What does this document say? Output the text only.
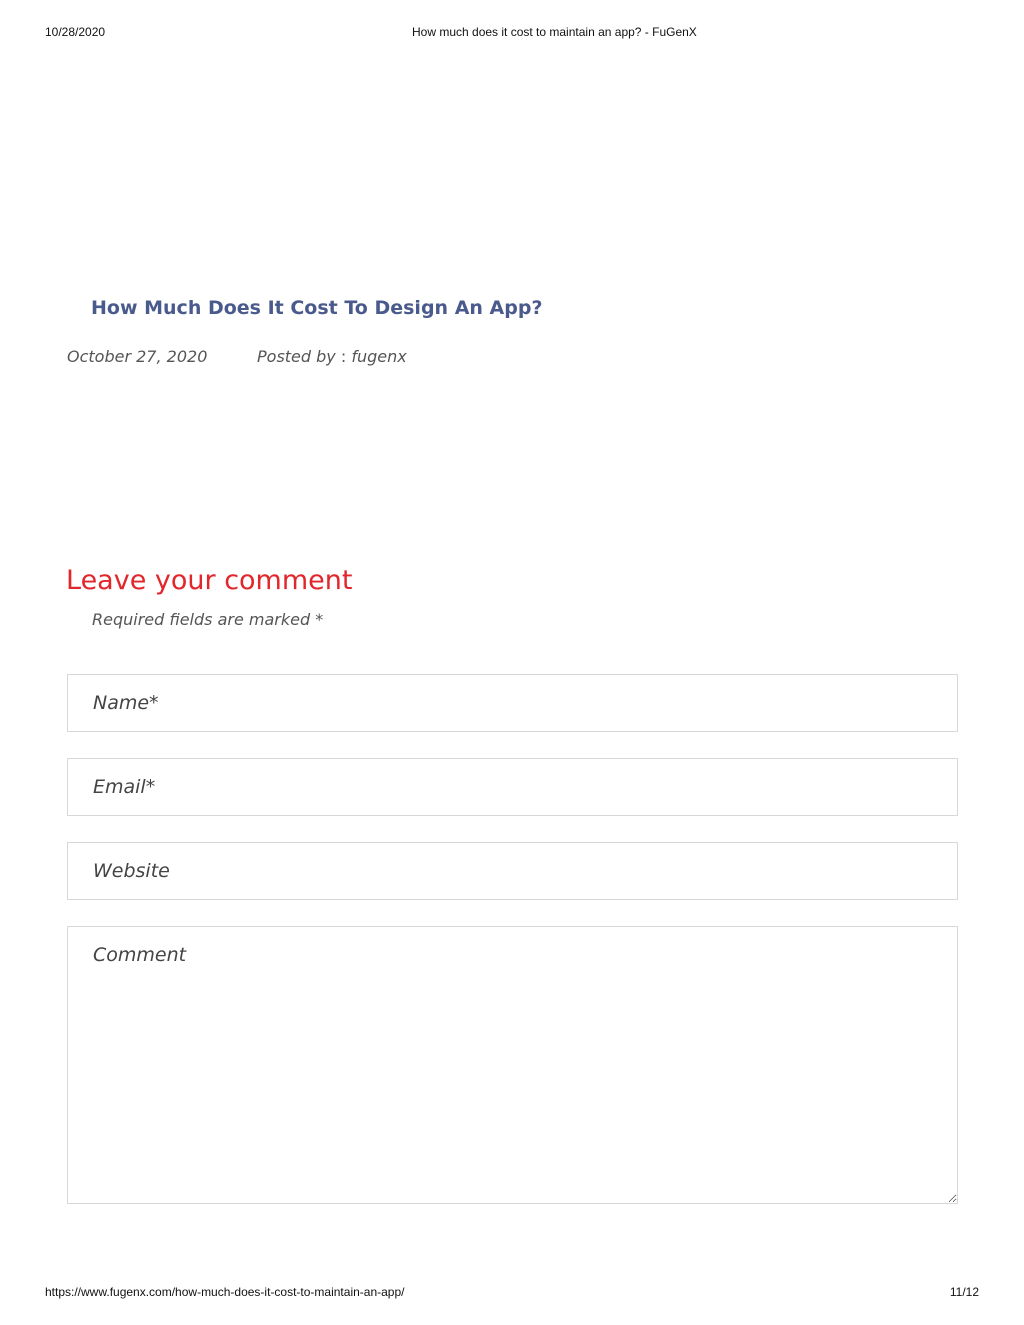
10/28/2020	How much does it cost to maintain an app? - FuGenX
How Much Does It Cost To Design An App?
October 27, 2020	Posted by : fugenx
Leave your comment
Required fields are marked *
Name*
Email*
Website
Comment
https://www.fugenx.com/how-much-does-it-cost-to-maintain-an-app/	11/12
